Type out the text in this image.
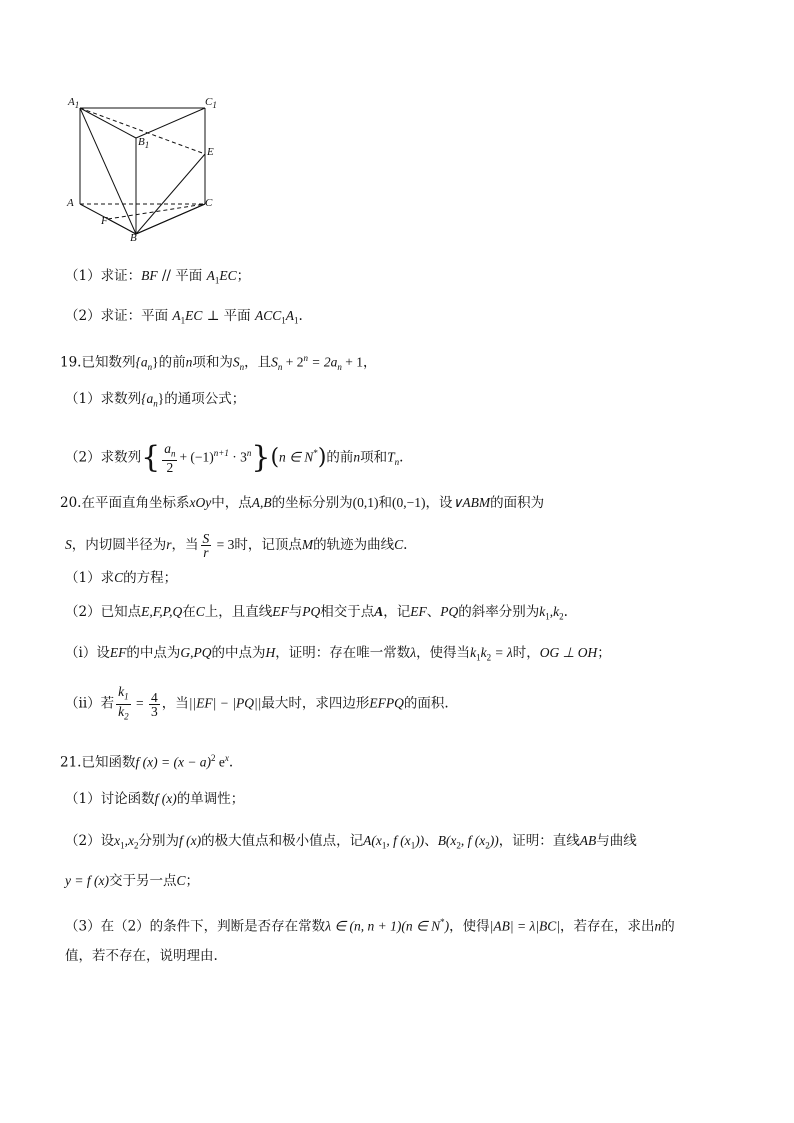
$A_1$	$C_1$
$B_1$
E
A
F
C
B
（1）求证：BF // 平面 $A_1EC$；
（2）求证：平面 $A_1EC$ ⊥ 平面 $ACC_1A_1$.
19.已知数列$\{a_n\}$的前n项和为$S_n$，且$S_n + 2^n = 2a_n + 1$，
（1）求数列$\{a_n\}$的通项公式；
（2）求数列{ $\frac{a_n}{2} + (-1)^{n+1} \cdot 3^n\}(n$ ∈ N*)的前n项和$T_n$.
20.在平面直角坐标系xOy中，点A,B的坐标分别为(0,1)和(0,−1)，设∨ABM的面积为
S，内切圆半径为r，当 $\frac{S}{r} = 3$时，记顶点M的轨迹为曲线C.
（1）求C的方程；
（2）已知点E,F,P,Q在C上，且直线EF与PQ相交于点A，记EF、PQ的斜率分别为$k_1,k_2$.
（i）设EF的中点为G,PQ的中点为H，证明：存在唯一常数λ，使得当$k_1k_2 = \lambda$时，OG ⊥ OH；
（ii）若 $\frac{k_1}{k_2} = \frac{4}{3}$ ，当||EF| − |PQ||最大时，求四边形EFPQ的面积.
21.已知函数f $(x) = (x - a)^2$ $e^x$.
（1）讨论函数f (x)的单调性；
（2）设$x_1,x_2$分别为f (x)的极大值点和极小值点，记$A(x_1$, f $(x_1)$)、$B(x_2$, f $(x_2)$)，证明：直线AB与曲线
y = f (x)交于另一点C；
（3）在（2）的条件下，判断是否存在常数λ ∈ (n, n + 1)(n ∈ N*)，使得|AB| = λ|BC|，若存在，求出n的
值，若不存在，说明理由.
